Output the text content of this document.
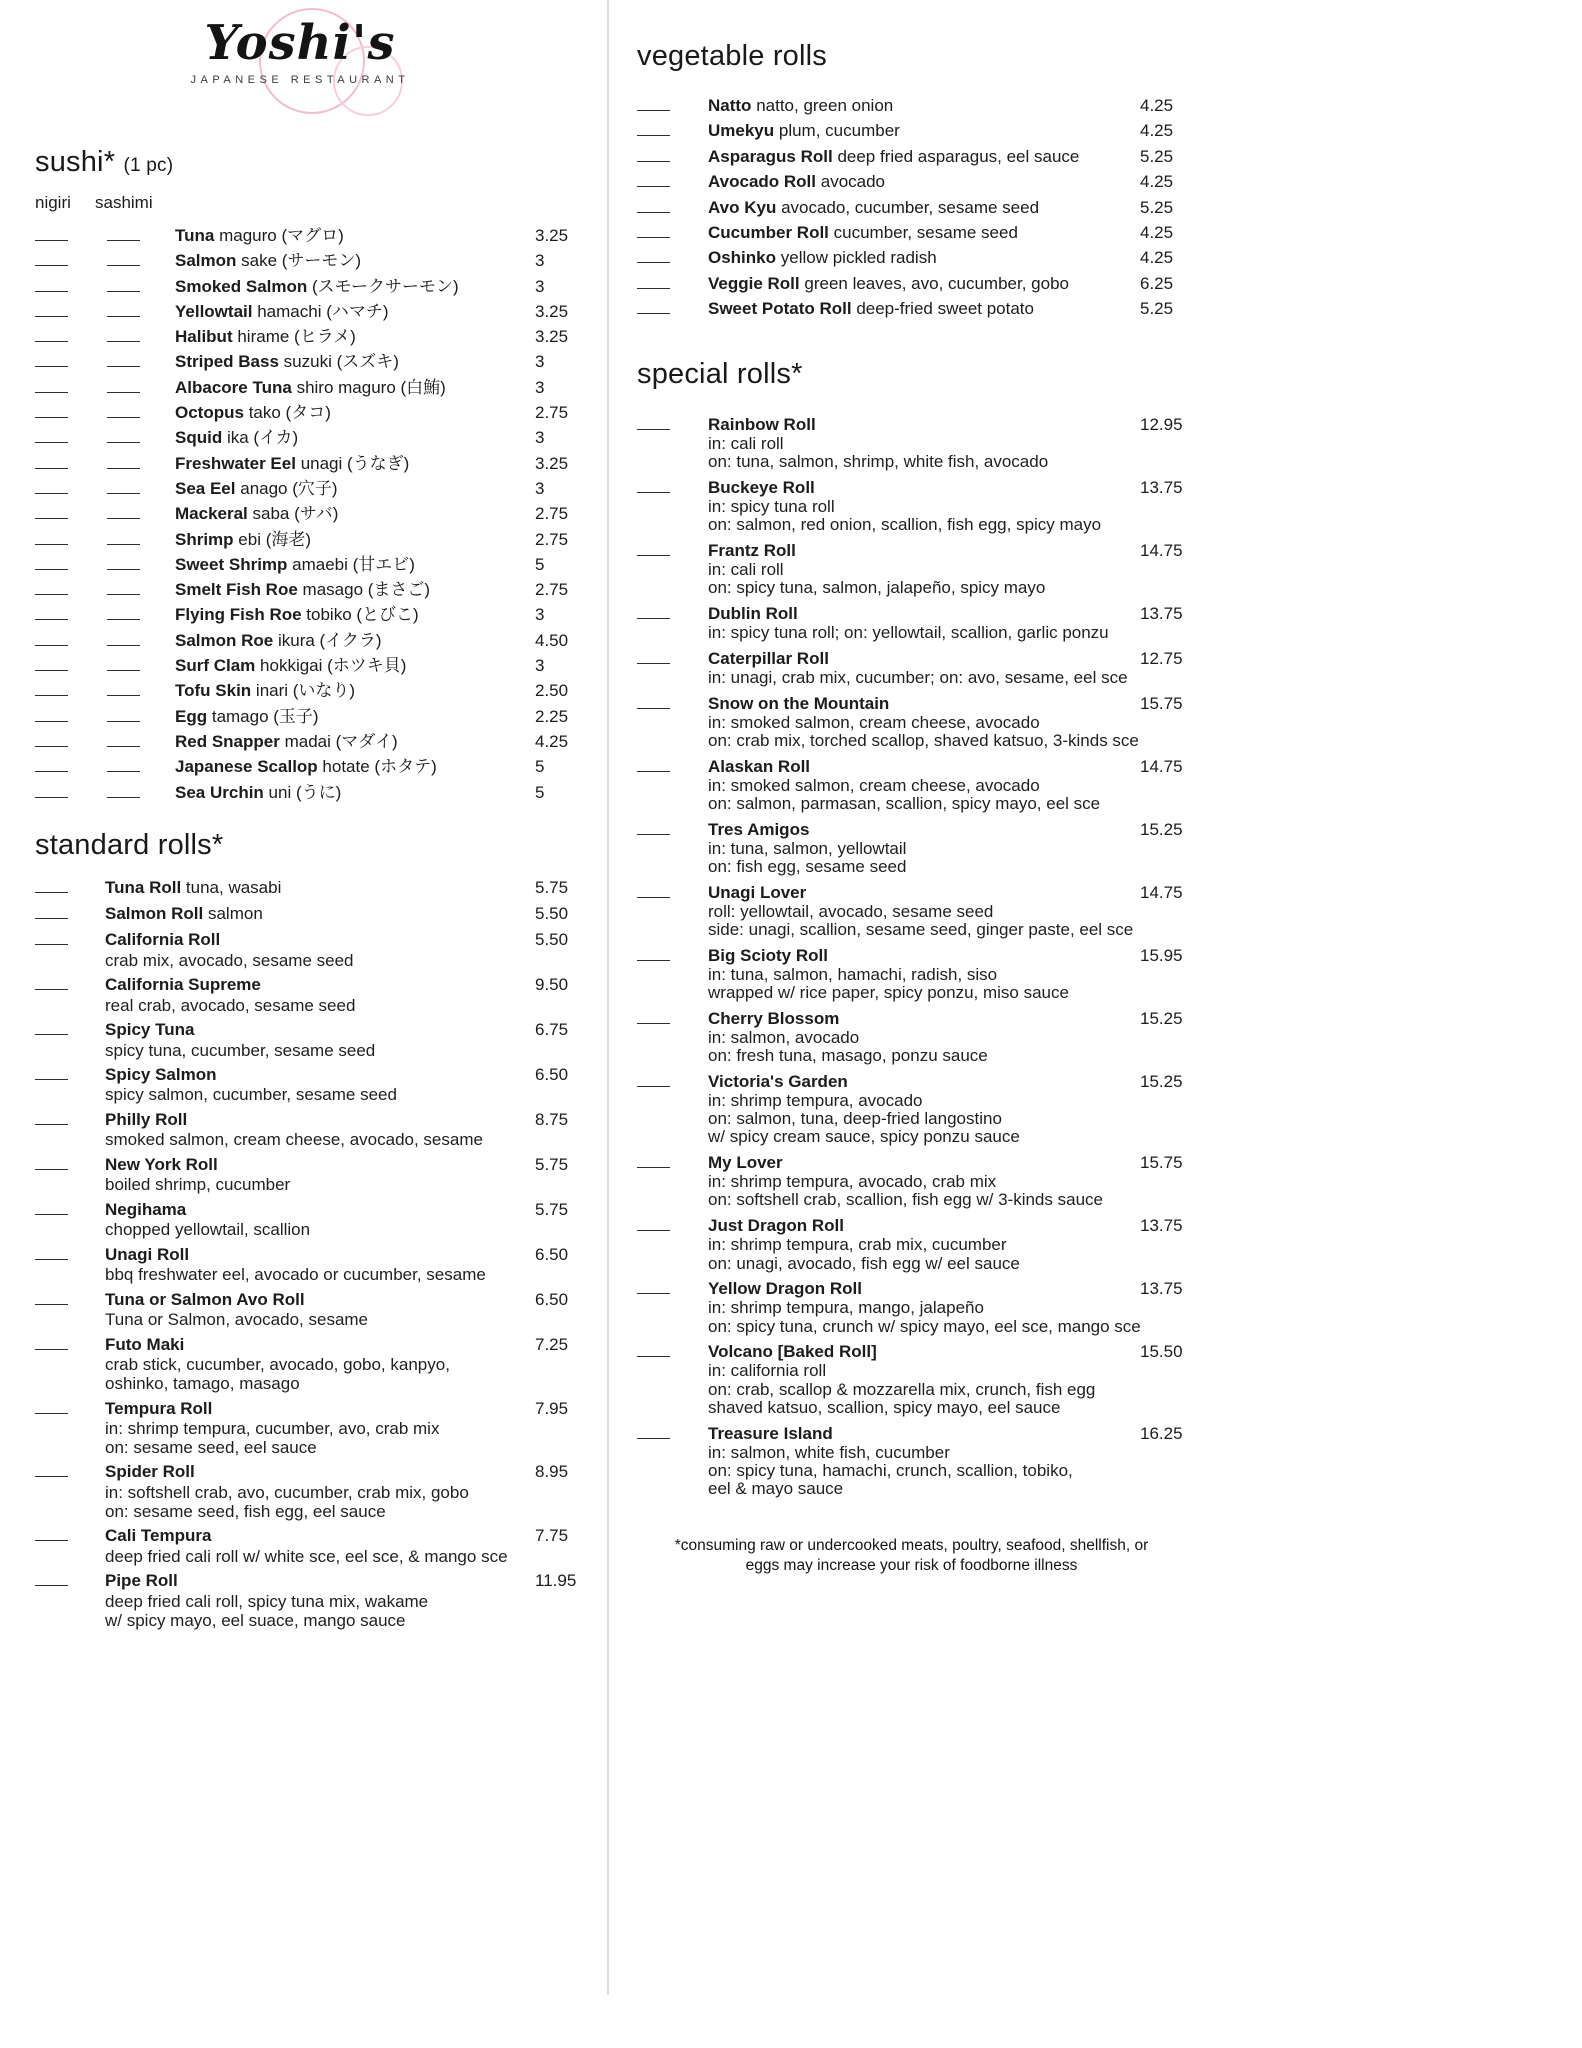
Yoshi's
JAPANESE RESTAURANT
sushi* (1 pc)
nigiri sashimi
Tuna maguro (マグロ)	3.25
Salmon sake (サーモン)	3
Smoked Salmon (スモークサーモン)	3
Yellowtail hamachi (ハマチ)	3.25
Halibut hirame (ヒラメ)	3.25
Striped Bass suzuki (スズキ)	3
Albacore Tuna shiro maguro (白鮪)	3
Octopus tako (タコ)	2.75
Squid ika (イカ)	3
Freshwater Eel unagi (うなぎ)	3.25
Sea Eel anago (穴子)	3
Mackeral saba (サバ)	2.75
Shrimp ebi (海老)	2.75
Sweet Shrimp amaebi (甘エビ)	5
Smelt Fish Roe masago (まさご)	2.75
Flying Fish Roe tobiko (とびこ)	3
Salmon Roe ikura (イクラ)	4.50
Surf Clam hokkigai (ホツキ貝)	3
Tofu Skin inari (いなり)	2.50
Egg tamago (玉子)	2.25
Red Snapper madai (マダイ)	4.25
Japanese Scallop hotate (ホタテ)	5
Sea Urchin uni (うに)	5
standard rolls*
Tuna Roll tuna, wasabi	5.75
Salmon Roll salmon	5.50
California Roll	5.50
crab mix, avocado, sesame seed
California Supreme	9.50
real crab, avocado, sesame seed
Spicy Tuna	6.75
spicy tuna, cucumber, sesame seed
Spicy Salmon	6.50
spicy salmon, cucumber, sesame seed
Philly Roll	8.75
smoked salmon, cream cheese, avocado, sesame
New York Roll	5.75
boiled shrimp, cucumber
Negihama	5.75
chopped yellowtail, scallion
Unagi Roll	6.50
bbq freshwater eel, avocado or cucumber, sesame
Tuna or Salmon Avo Roll	6.50
Tuna or Salmon, avocado, sesame
Futo Maki	7.25
crab stick, cucumber, avocado, gobo, kanpyo,
oshinko, tamago, masago
Tempura Roll	7.95
in: shrimp tempura, cucumber, avo, crab mix
on: sesame seed, eel sauce
Spider Roll	8.95
in: softshell crab, avo, cucumber, crab mix, gobo
on: sesame seed, fish egg, eel sauce
Cali Tempura	7.75
deep fried cali roll w/ white sce, eel sce, & mango sce
Pipe Roll	11.95
deep fried cali roll, spicy tuna mix, wakame
w/ spicy mayo, eel suace, mango sauce
vegetable rolls
Natto natto, green onion	4.25
Umekyu plum, cucumber	4.25
Asparagus Roll deep fried asparagus, eel sauce	5.25
Avocado Roll avocado	4.25
Avo Kyu avocado, cucumber, sesame seed	5.25
Cucumber Roll cucumber, sesame seed	4.25
Oshinko yellow pickled radish	4.25
Veggie Roll green leaves, avo, cucumber, gobo	6.25
Sweet Potato Roll deep-fried sweet potato	5.25
special rolls*
Rainbow Roll	12.95
in: cali roll
on: tuna, salmon, shrimp, white fish, avocado
Buckeye Roll	13.75
in: spicy tuna roll
on: salmon, red onion, scallion, fish egg, spicy mayo
Frantz Roll	14.75
in: cali roll
on: spicy tuna, salmon, jalapeño, spicy mayo
Dublin Roll	13.75
in: spicy tuna roll; on: yellowtail, scallion, garlic ponzu
Caterpillar Roll	12.75
in: unagi, crab mix, cucumber; on: avo, sesame, eel sce
Snow on the Mountain	15.75
in: smoked salmon, cream cheese, avocado
on: crab mix, torched scallop, shaved katsuo, 3-kinds sce
Alaskan Roll	14.75
in: smoked salmon, cream cheese, avocado
on: salmon, parmasan, scallion, spicy mayo, eel sce
Tres Amigos	15.25
in: tuna, salmon, yellowtail
on: fish egg, sesame seed
Unagi Lover	14.75
roll: yellowtail, avocado, sesame seed
side: unagi, scallion, sesame seed, ginger paste, eel sce
Big Scioty Roll	15.95
in: tuna, salmon, hamachi, radish, siso
wrapped w/ rice paper, spicy ponzu, miso sauce
Cherry Blossom	15.25
in: salmon, avocado
on: fresh tuna, masago, ponzu sauce
Victoria's Garden	15.25
in: shrimp tempura, avocado
on: salmon, tuna, deep-fried langostino
w/ spicy cream sauce, spicy ponzu sauce
My Lover	15.75
in: shrimp tempura, avocado, crab mix
on: softshell crab, scallion, fish egg w/ 3-kinds sauce
Just Dragon Roll	13.75
in: shrimp tempura, crab mix, cucumber
on: unagi, avocado, fish egg w/ eel sauce
Yellow Dragon Roll	13.75
in: shrimp tempura, mango, jalapeño
on: spicy tuna, crunch w/ spicy mayo, eel sce, mango sce
Volcano [Baked Roll]	15.50
in: california roll
on: crab, scallop & mozzarella mix, crunch, fish egg
shaved katsuo, scallion, spicy mayo, eel sauce
Treasure Island	16.25
in: salmon, white fish, cucumber
on: spicy tuna, hamachi, crunch, scallion, tobiko,
eel & mayo sauce
*consuming raw or undercooked meats, poultry, seafood, shellfish, or
eggs may increase your risk of foodborne illness
